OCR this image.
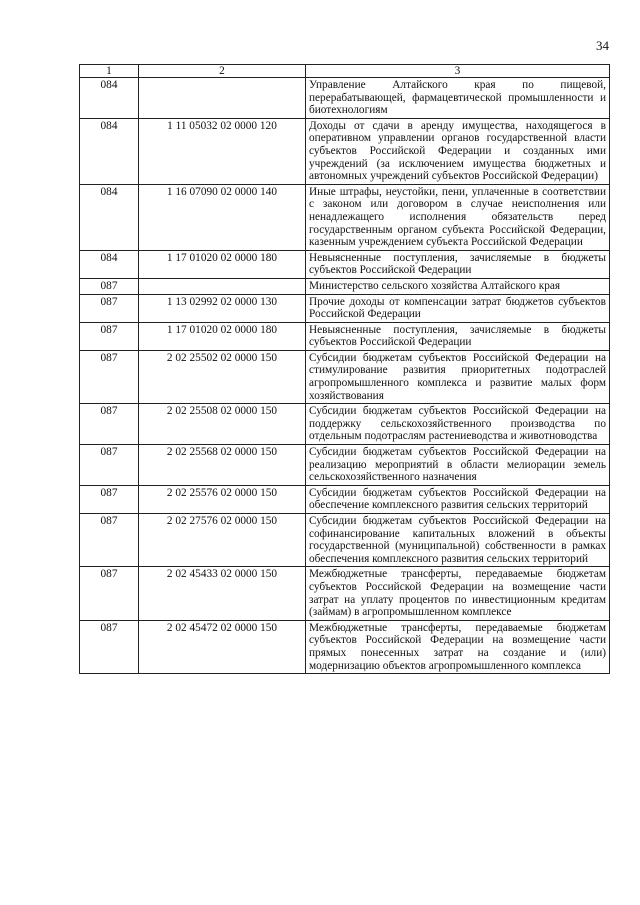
34
1	2	3
084		Управление Алтайского края по пищевой, перерабатывающей, фармацевтической промышленности и биотехнологиям
084	1 11 05032 02 0000 120	Доходы от сдачи в аренду имущества, находящегося в оперативном управлении органов государственной власти субъектов Российской Федерации и созданных ими учреждений (за исключением имущества бюджетных и автономных учреждений субъектов Российской Федерации)
084	1 16 07090 02 0000 140	Иные штрафы, неустойки, пени, уплаченные в соответствии с законом или договором в случае неисполнения или ненадлежащего исполнения обязательств перед государственным органом субъекта Российской Федерации, казенным учреждением субъекта Российской Федерации
084	1 17 01020 02 0000 180	Невыясненные поступления, зачисляемые в бюджеты субъектов Российской Федерации
087		Министерство сельского хозяйства Алтайского края
087	1 13 02992 02 0000 130	Прочие доходы от компенсации затрат бюджетов субъектов Российской Федерации
087	1 17 01020 02 0000 180	Невыясненные поступления, зачисляемые в бюджеты субъектов Российской Федерации
087	2 02 25502 02 0000 150	Субсидии бюджетам субъектов Российской Федерации на стимулирование развития приоритетных подотраслей агропромышленного комплекса и развитие малых форм хозяйствования
087	2 02 25508 02 0000 150	Субсидии бюджетам субъектов Российской Федерации на поддержку сельскохозяйственного производства по отдельным подотраслям растениеводства и животноводства
087	2 02 25568 02 0000 150	Субсидии бюджетам субъектов Российской Федерации на реализацию мероприятий в области мелиорации земель сельскохозяйственного назначения
087	2 02 25576 02 0000 150	Субсидии бюджетам субъектов Российской Федерации на обеспечение комплексного развития сельских территорий
087	2 02 27576 02 0000 150	Субсидии бюджетам субъектов Российской Федерации на софинансирование капитальных вложений в объекты государственной (муниципальной) собственности в рамках обеспечения комплексного развития сельских территорий
087	2 02 45433 02 0000 150	Межбюджетные трансферты, передаваемые бюджетам субъектов Российской Федерации на возмещение части затрат на уплату процентов по инвестиционным кредитам (займам) в агропромышленном комплексе
087	2 02 45472 02 0000 150	Межбюджетные трансферты, передаваемые бюджетам субъектов Российской Федерации на возмещение части прямых понесенных затрат на создание и (или) модернизацию объектов агропромышленного комплекса
